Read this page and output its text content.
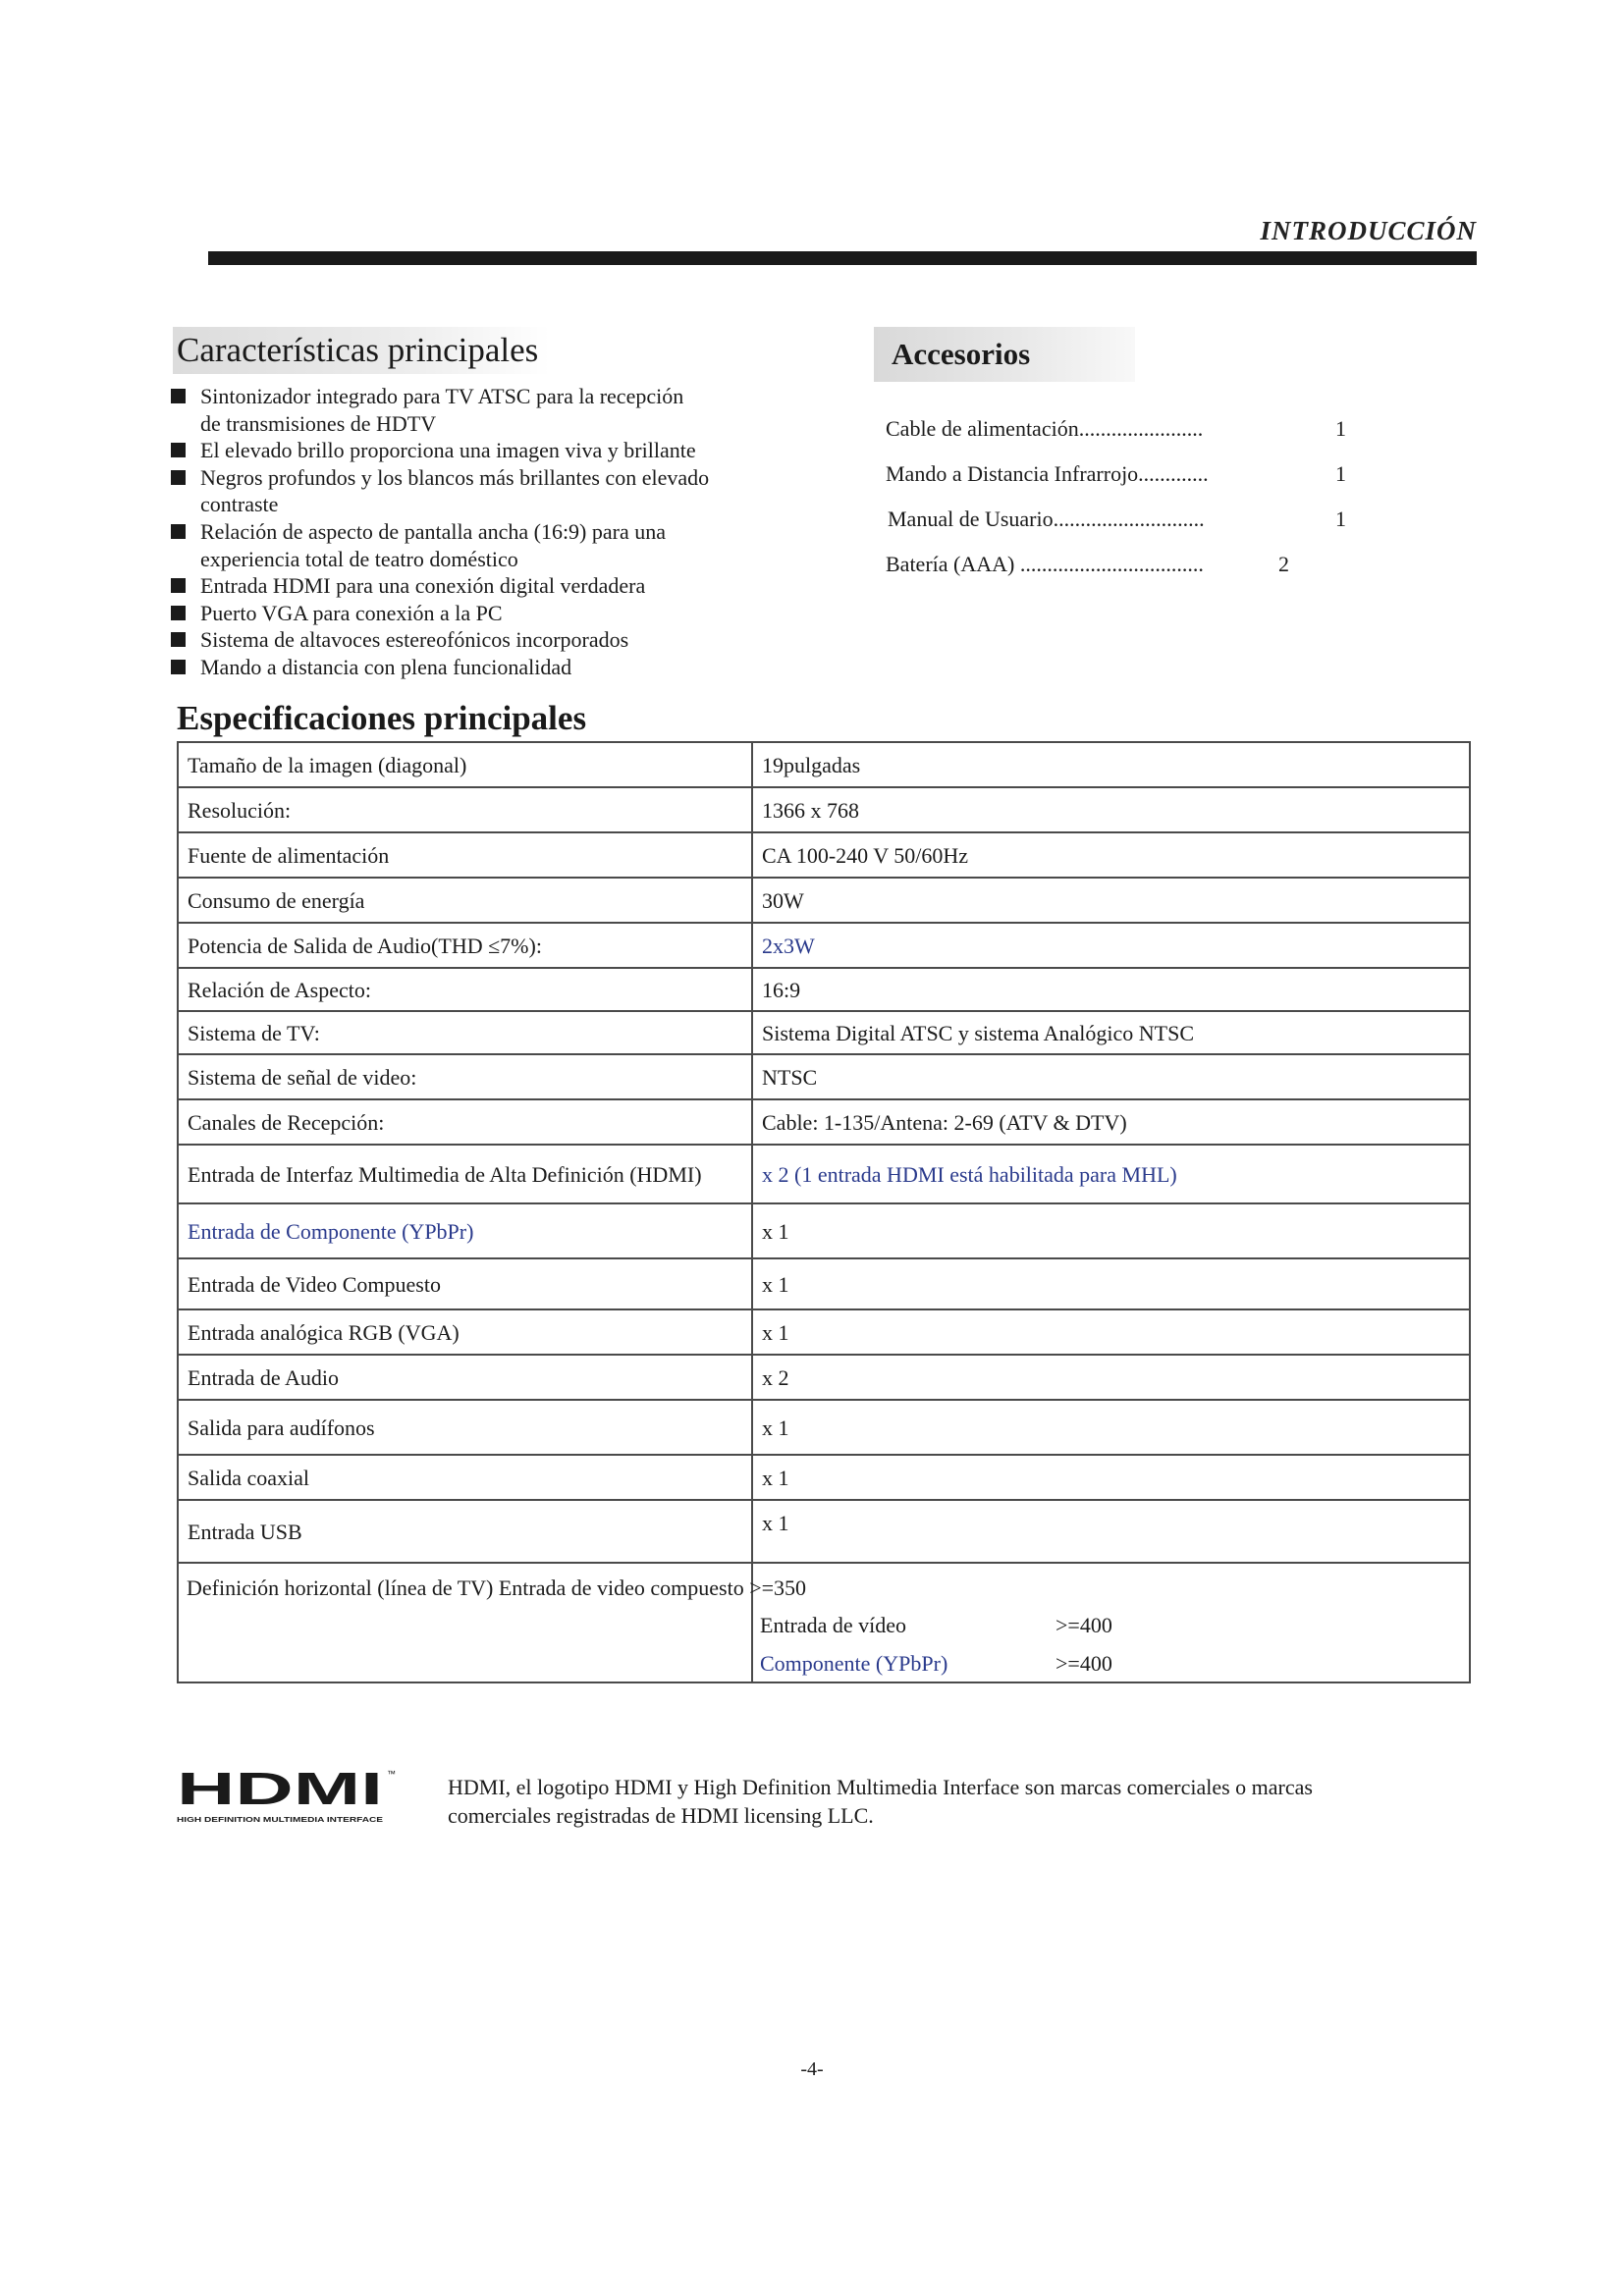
INTRODUCCIÓN
Características principales
Sintonizador integrado para TV ATSC para la recepción
de transmisiones de HDTV
El elevado brillo proporciona una imagen viva y brillante
Negros profundos y los blancos más brillantes con elevado
contraste
Relación de aspecto de pantalla ancha (16:9) para una
experiencia total de teatro doméstico
Entrada HDMI para una conexión digital verdadera
Puerto VGA para conexión a la PC
Sistema de altavoces estereofónicos incorporados
Mando a distancia con plena funcionalidad
Accesorios
Cable de alimentación.......................	1
Mando a Distancia Infrarrojo.............	1
Manual de Usuario............................	1
Batería (AAA) ..................................	2
Especificaciones principales
Tamaño de la imagen (diagonal)	19pulgadas
Resolución:	1366 x 768
Fuente de alimentación	CA 100-240 V 50/60Hz
Consumo de energía	30W
Potencia de Salida de Audio(THD ≤7%):	2x3W
Relación de Aspecto:	16:9
Sistema de TV:	Sistema Digital ATSC y sistema Analógico NTSC
Sistema de señal de video:	NTSC
Canales de Recepción:	Cable: 1-135/Antena: 2-69 (ATV & DTV)
Entrada de Interfaz Multimedia de Alta Definición (HDMI)	x 2 (1 entrada HDMI está habilitada para MHL)
Entrada de Componente (YPbPr)	x 1
Entrada de Video Compuesto	x 1
Entrada analógica RGB (VGA)	x 1
Entrada de Audio	x 2
Salida para audífonos	x 1
Salida coaxial	x 1
Entrada USB	x 1

Definición horizontal (línea de TV) Entrada de video compuesto >=350
Entrada de vídeo >=400
Componente (YPbPr) >=400	

HDMI ™
HIGH DEFINITION MULTIMEDIA INTERFACE
HDMI, el logotipo HDMI y High Definition Multimedia Interface son marcas comerciales o marcas comerciales registradas de HDMI licensing LLC.
-4-
